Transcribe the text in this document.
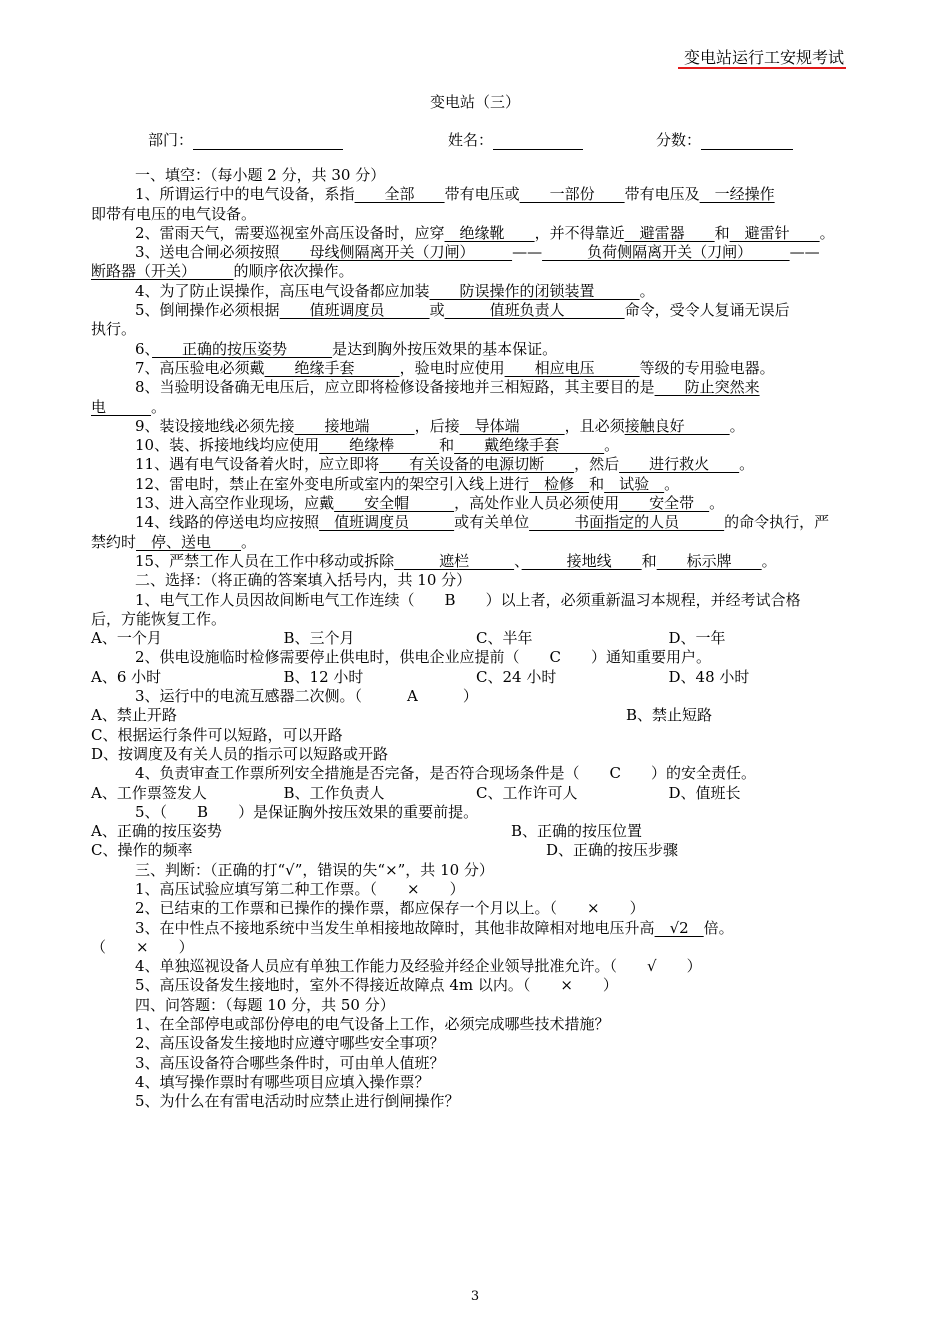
变电站运行工安规考试
变电站（三）
部门：	姓名：	分数：

一、填空：（每小题 2 分，共 30 分）

1、所谓运行中的电气设备，系指　　全部　　带有电压或　　一部份　　带有电压及　一经操作

即带有电压的电气设备。

2、雷雨天气，需要巡视室外高压设备时，应穿　绝缘靴　　，并不得靠近　避雷器　　和　避雷针　　。

3、送电合闸必须按照　　母线侧隔离开关（刀闸）　　　——　　　负荷侧隔离开关（刀闸）　　　——

断路器（开关）　　　的顺序依次操作。

4、为了防止误操作，高压电气设备都应加装　　防误操作的闭锁装置　　　。

5、倒闸操作必须根据　　值班调度员　　　或　　　值班负责人　　　　命令，受令人复诵无误后

执行。

6、　　正确的按压姿势　　　是达到胸外按压效果的基本保证。

7、高压验电必须戴　　绝缘手套　　　，验电时应使用　　相应电压　　　等级的专用验电器。

8、当验明设备确无电压后，应立即将检修设备接地并三相短路，其主要目的是　　防止突然来

电　　　。

9、装设接地线必须先接　　接地端　　　，后接　导体端　　　，且必须接触良好　　　。

10、装、拆接地线均应使用　　绝缘棒　　　和　　戴绝缘手套　　　。

11、遇有电气设备着火时，应立即将　　有关设备的电源切断　　，然后　　进行救火　　。

12、雷电时，禁止在室外变电所或室内的架空引入线上进行　检修　和　试验　。

13、进入高空作业现场，应戴　　安全帽　　　，高处作业人员必须使用　　安全带　。

14、线路的停送电均应按照　值班调度员　　　或有关单位　　　书面指定的人员　　　的命令执行，严

禁约时　停、送电　　。

15、严禁工作人员在工作中移动或拆除　　　遮栏　　　、　　　接地线　　和　　标示牌　　。

二、选择：（将正确的答案填入括号内，共 10 分）

1、电气工作人员因故间断电气工作连续（　　B　　）以上者，必须重新温习本规程，并经考试合格

后，方能恢复工作。

A、一个月	B、三个月	C、半年	D、一年

2、供电设施临时检修需要停止供电时，供电企业应提前（　　C　　）通知重要用户。

A、6 小时	B、12 小时	C、24 小时	D、48 小时

3、运行中的电流互感器二次侧。（　　　A　　　）

A、禁止开路	B、禁止短路

C、根据运行条件可以短路，可以开路

D、按调度及有关人员的指示可以短路或开路

4、负责审查工作票所列安全措施是否完备，是否符合现场条件是（　　C　　）的安全责任。

A、工作票签发人	B、工作负责人	C、工作许可人	D、值班长

5、（　　B　　）是保证胸外按压效果的重要前提。

A、正确的按压姿势	B、正确的按压位置
C、操作的频率	D、正确的按压步骤

三、判断：（正确的打“√”，错误的失“×”，共 10 分）

1、高压试验应填写第二种工作票。（　　×　　）

2、已结束的工作票和已操作的操作票，都应保存一个月以上。（　　×　　）

3、在中性点不接地系统中当发生单相接地故障时，其他非故障相对地电压升高　√2　倍。

（　　×　　）

4、单独巡视设备人员应有单独工作能力及经验并经企业领导批准允许。（　　√　　）

5、高压设备发生接地时，室外不得接近故障点 4m 以内。（　　×　　）

四、问答题：（每题 10 分，共 50 分）

1、在全部停电或部份停电的电气设备上工作，必须完成哪些技术措施？

2、高压设备发生接地时应遵守哪些安全事项？

3、高压设备符合哪些条件时，可由单人值班？

4、填写操作票时有哪些项目应填入操作票？

5、为什么在有雷电活动时应禁止进行倒闸操作？

3
